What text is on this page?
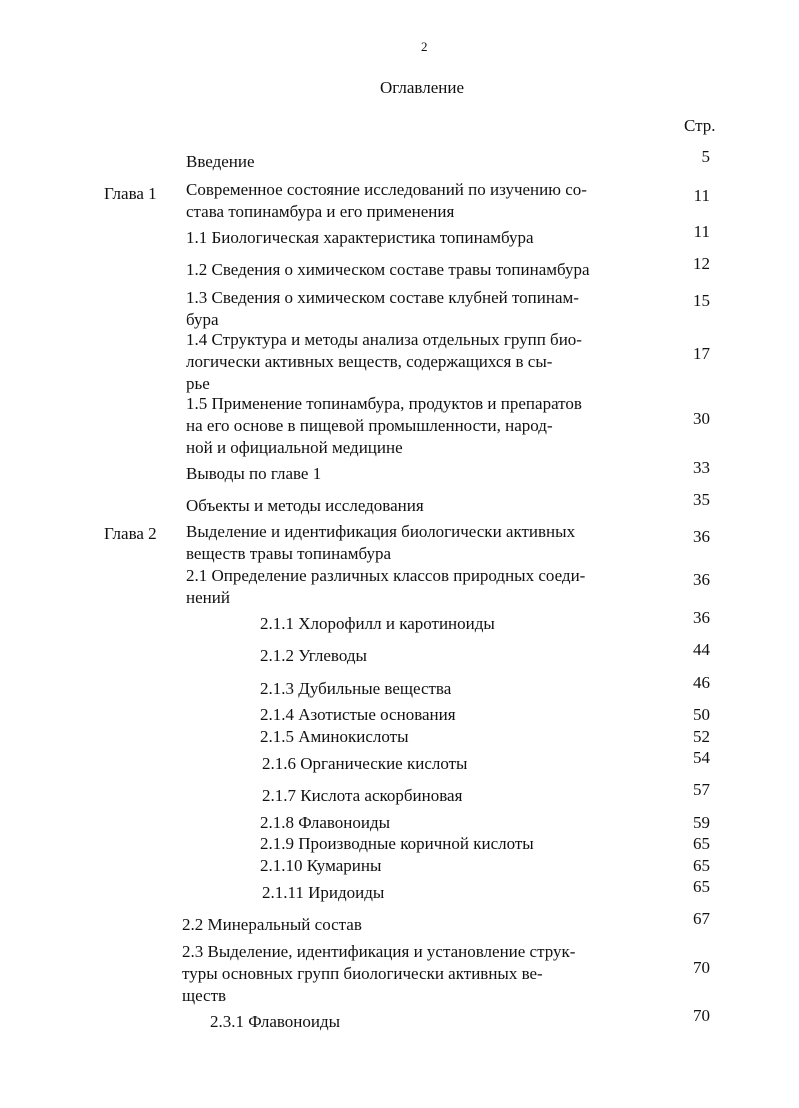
2
Оглавление
Стр.
Введение	5
Глава 1 Современное состояние исследований по изучению со-
става топинамбура и его применения
11
1.1 Биологическая характеристика топинамбура	11
1.2 Сведения о химическом составе травы топинамбура	12
1.3 Сведения о химическом составе клубней топинам-
бура
15
1.4 Структура и методы анализа отдельных групп био-
логически активных веществ, содержащихся в сы-
рье
17
1.5 Применение топинамбура, продуктов и препаратов
на его основе в пищевой промышленности, народ-
ной и официальной медицине
30
Выводы по главе 1	33
Объекты и методы исследования	35
Глава 2 Выделение и идентификация биологически активных
веществ травы топинамбура
36
2.1 Определение различных классов природных соеди-
нений
36
2.1.1 Хлорофилл и каротиноиды	36
2.1.2 Углеводы	44
2.1.3 Дубильные вещества	46
2.1.4 Азотистые основания	50
2.1.5 Аминокислоты	52
2.1.6 Органические кислоты	54
2.1.7 Кислота аскорбиновая	57
2.1.8 Флавоноиды	59
2.1.9 Производные коричной кислоты	65
2.1.10 Кумарины	65
2.1.11 Иридоиды	65
2.2 Минеральный состав	67
2.3 Выделение, идентификация и установление струк-
туры основных групп биологически активных ве-
ществ
70
2.3.1 Флавоноиды	70
